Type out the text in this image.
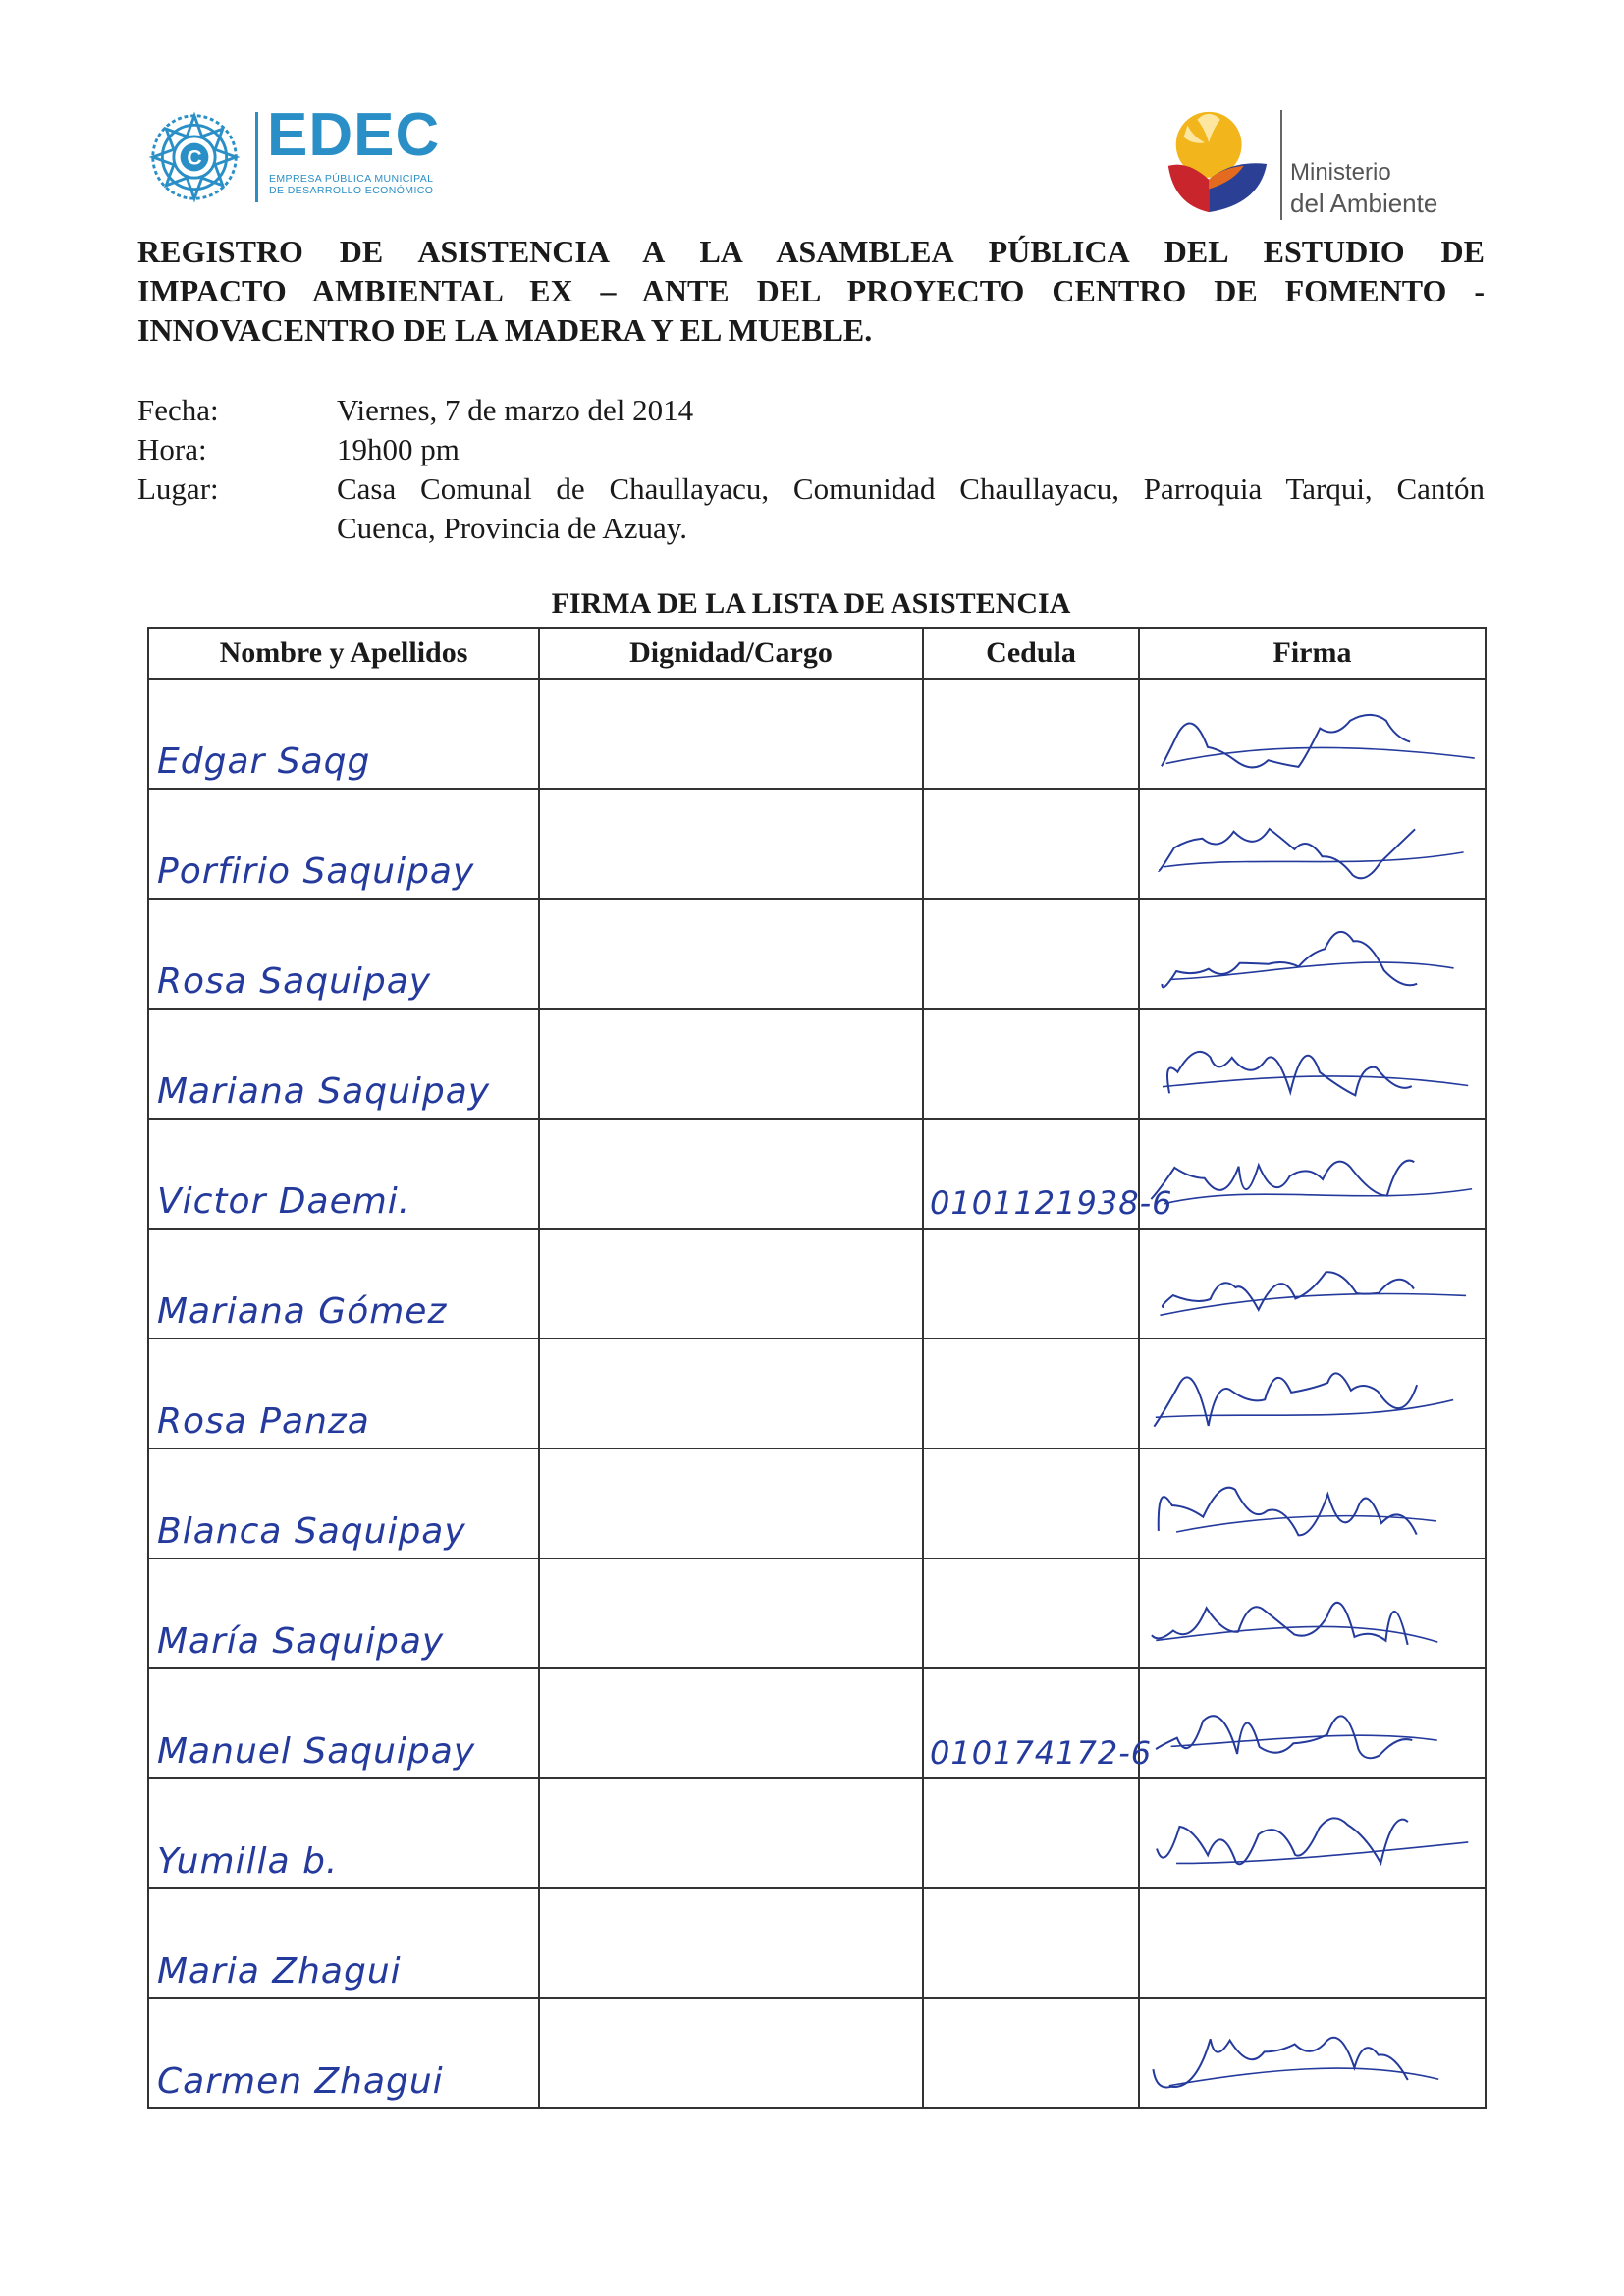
C EDEC
EMPRESA PÚBLICA MUNICIPAL
DE DESARROLLO ECONÓMICO
Ministerio
del Ambiente
REGISTRO DE ASISTENCIA A LA ASAMBLEA PÚBLICA DEL ESTUDIO DE
IMPACTO AMBIENTAL EX – ANTE DEL PROYECTO CENTRO DE FOMENTO -
INNOVACENTRO DE LA MADERA Y EL MUEBLE.
Fecha:	Viernes, 7 de marzo del 2014
Hora:	19h00 pm
Lugar:	Casa Comunal de Chaullayacu, Comunidad Chaullayacu, Parroquia Tarqui, Cantón
Cuenca, Provincia de Azuay.
FIRMA DE LA LISTA DE ASISTENCIA
Nombre y Apellidos	Dignidad/Cargo	Cedula	Firma

Edgar Saqg

Porfirio Saquipay

Rosa Saquipay

Mariana Saquipay

Victor Daemi.		0101121938-6

Mariana Gómez

Rosa Panza

Blanca Saquipay

María Saquipay

Manuel Saquipay		010174172-6

Yumilla b.

Maria Zhagui			

Carmen Zhagui
